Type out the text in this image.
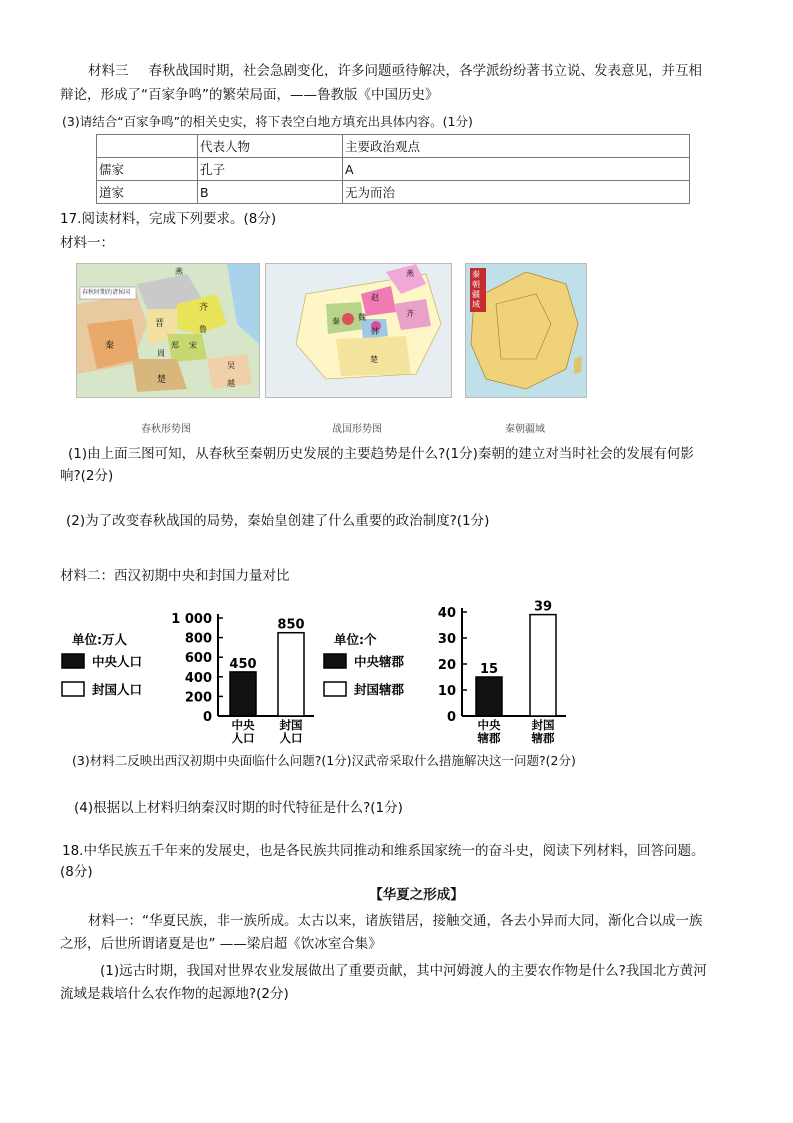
材料三 春秋战国时期，社会急剧变化，许多问题亟待解决，各学派纷纷著书立说、发表意见，并互相
辩论，形成了“百家争鸣”的繁荣局面，——鲁教版《中国历史》
(3)请结合“百家争鸣”的相关史实，将下表空白地方填充出具体内容。(1分)
	代表人物	主要政治观点
儒家	孔子	A
道家	B	无为而治
17.阅读材料，完成下列要求。(8分)
材料一：
春秋时期的诸侯国
燕
齐
晋
秦
楚
吴
越
宋
鲁
郑
周
春秋形势图
燕
赵
齐
魏
韩
秦
楚
战国形势图
秦朝疆域
秦朝疆域
(1)由上面三图可知，从春秋至秦朝历史发展的主要趋势是什么?(1分)秦朝的建立对当时社会的发展有何影
响?(2分)
(2)为了改变春秋战国的局势，秦始皇创建了什么重要的政治制度?(1分)
材料二：西汉初期中央和封国力量对比
0
200
400
600
800
1 000
450
中央
人口
850
封国
人口
单位:万人
中央人口
封国人口
0
10
20
30
40
15
中央
辖郡
39
封国
辖郡
单位:个
中央辖郡
封国辖郡
(3)材料二反映出西汉初期中央面临什么问题?(1分)汉武帝采取什么措施解决这一问题?(2分)
(4)根据以上材料归纳秦汉时期的时代特征是什么?(1分)
18.中华民族五千年来的发展史，也是各民族共同推动和维系国家统一的奋斗史，阅读下列材料，回答问题。
(8分)
【华夏之形成】
材料一：“华夏民族，非一族所成。太古以来，诸族错居，接触交通，各去小异而大同，渐化合以成一族
之形，后世所谓诸夏是也” ——梁启超《饮冰室合集》
(1)远古时期，我国对世界农业发展做出了重要贡献，其中河姆渡人的主要农作物是什么?我国北方黄河
流域是栽培什么农作物的起源地?(2分)
